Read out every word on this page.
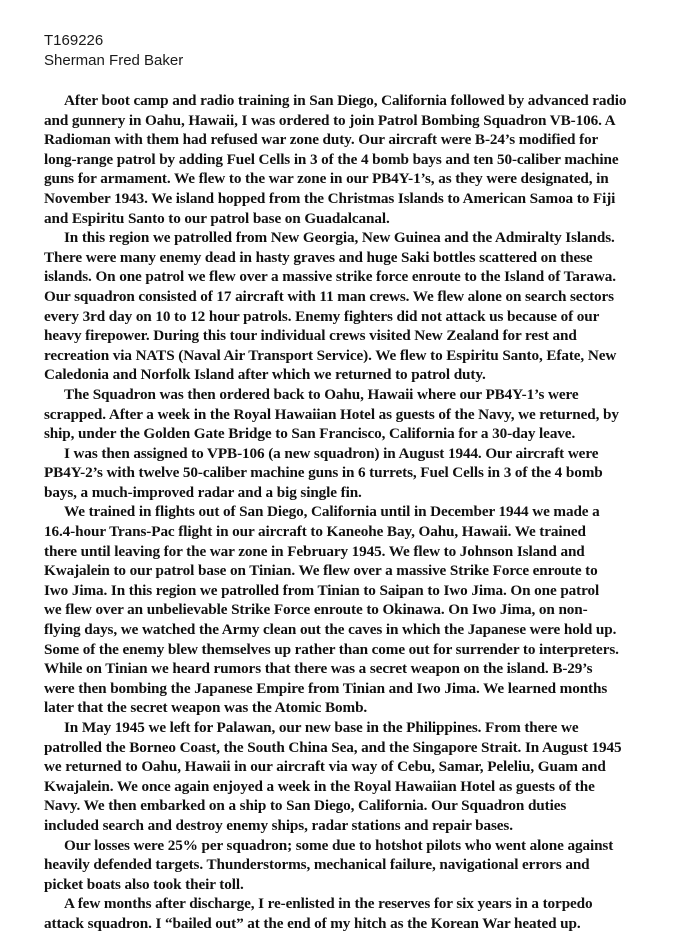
T169226
Sherman Fred Baker
After boot camp and radio training in San Diego, California followed by advanced radio
and gunnery in Oahu, Hawaii, I was ordered to join Patrol Bombing Squadron VB-106. A
Radioman with them had refused war zone duty. Our aircraft were B-24’s modified for
long-range patrol by adding Fuel Cells in 3 of the 4 bomb bays and ten 50-caliber machine
guns for armament. We flew to the war zone in our PB4Y-1’s, as they were designated, in
November 1943. We island hopped from the Christmas Islands to American Samoa to Fiji
and Espiritu Santo to our patrol base on Guadalcanal.
In this region we patrolled from New Georgia, New Guinea and the Admiralty Islands.
There were many enemy dead in hasty graves and huge Saki bottles scattered on these
islands. On one patrol we flew over a massive strike force enroute to the Island of Tarawa.
Our squadron consisted of 17 aircraft with 11 man crews. We flew alone on search sectors
every 3rd day on 10 to 12 hour patrols. Enemy fighters did not attack us because of our
heavy firepower. During this tour individual crews visited New Zealand for rest and
recreation via NATS (Naval Air Transport Service). We flew to Espiritu Santo, Efate, New
Caledonia and Norfolk Island after which we returned to patrol duty.
The Squadron was then ordered back to Oahu, Hawaii where our PB4Y-1’s were
scrapped. After a week in the Royal Hawaiian Hotel as guests of the Navy, we returned, by
ship, under the Golden Gate Bridge to San Francisco, California for a 30-day leave.
I was then assigned to VPB-106 (a new squadron) in August 1944. Our aircraft were
PB4Y-2’s with twelve 50-caliber machine guns in 6 turrets, Fuel Cells in 3 of the 4 bomb
bays, a much-improved radar and a big single fin.
We trained in flights out of San Diego, California until in December 1944 we made a
16.4-hour Trans-Pac flight in our aircraft to Kaneohe Bay, Oahu, Hawaii. We trained
there until leaving for the war zone in February 1945. We flew to Johnson Island and
Kwajalein to our patrol base on Tinian. We flew over a massive Strike Force enroute to
Iwo Jima. In this region we patrolled from Tinian to Saipan to Iwo Jima. On one patrol
we flew over an unbelievable Strike Force enroute to Okinawa. On Iwo Jima, on non-
flying days, we watched the Army clean out the caves in which the Japanese were hold up.
Some of the enemy blew themselves up rather than come out for surrender to interpreters.
While on Tinian we heard rumors that there was a secret weapon on the island. B-29’s
were then bombing the Japanese Empire from Tinian and Iwo Jima. We learned months
later that the secret weapon was the Atomic Bomb.
In May 1945 we left for Palawan, our new base in the Philippines. From there we
patrolled the Borneo Coast, the South China Sea, and the Singapore Strait. In August 1945
we returned to Oahu, Hawaii in our aircraft via way of Cebu, Samar, Peleliu, Guam and
Kwajalein. We once again enjoyed a week in the Royal Hawaiian Hotel as guests of the
Navy. We then embarked on a ship to San Diego, California. Our Squadron duties
included search and destroy enemy ships, radar stations and repair bases.
Our losses were 25% per squadron; some due to hotshot pilots who went alone against
heavily defended targets. Thunderstorms, mechanical failure, navigational errors and
picket boats also took their toll.
A few months after discharge, I re-enlisted in the reserves for six years in a torpedo
attack squadron. I “bailed out” at the end of my hitch as the Korean War heated up.
